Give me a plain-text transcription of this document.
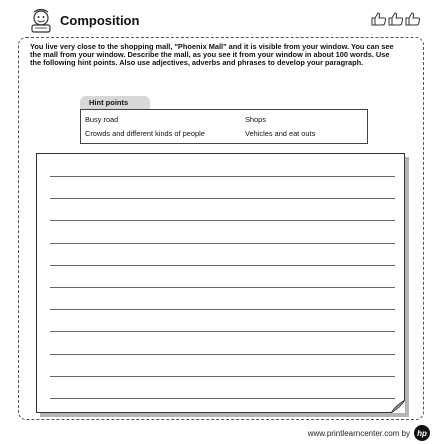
Composition
You live very close to the shopping mall, "Phoenix Mall" and it is visible from your window. You can see the mall from your window. Describe the mall, as you see it from your window in about 100 words. Use the following hint points. Also use adjectives, adverbs and phrases to develop your paragraph.
Hint points
Busy road	Shops
Crowds and different kinds of people	Vehicles and eat outs
www.printlearncenter.com by hp
